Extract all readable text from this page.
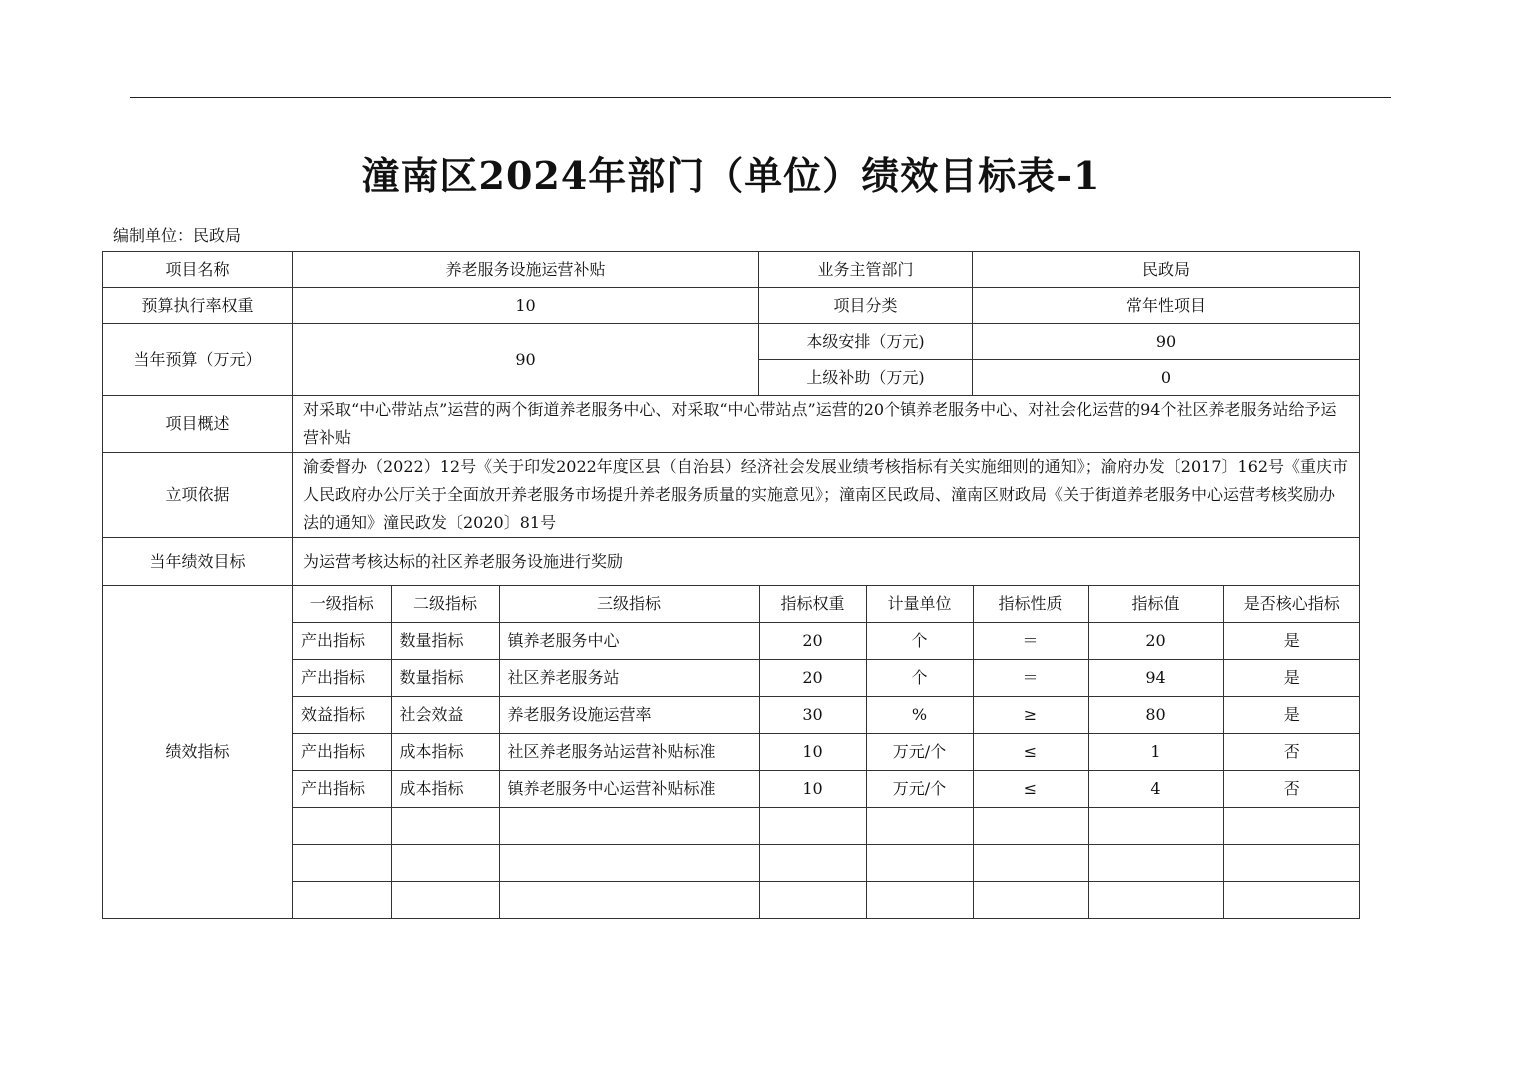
潼南区2024年部门（单位）绩效目标表-1
编制单位：民政局
项目名称	养老服务设施运营补贴	业务主管部门	民政局
预算执行率权重	10	项目分类	常年性项目
当年预算（万元）	90	本级安排（万元)	90
上级补助（万元)	0
项目概述	对采取“中心带站点”运营的两个街道养老服务中心、对采取“中心带站点”运营的20个镇养老服务中心、对社会化运营的94个社区养老服务站给予运营补贴
立项依据	渝委督办（2022）12号《关于印发2022年度区县（自治县）经济社会发展业绩考核指标有关实施细则的通知》；渝府办发〔2017〕162号《重庆市人民政府办公厅关于全面放开养老服务市场提升养老服务质量的实施意见》；潼南区民政局、潼南区财政局《关于街道养老服务中心运营考核奖励办法的通知》潼民政发〔2020〕81号
当年绩效目标	为运营考核达标的社区养老服务设施进行奖励
绩效指标	
一级指标	二级指标	三级指标	指标权重	计量单位	指标性质	指标值	是否核心指标
产出指标	数量指标	镇养老服务中心	20	个	＝	20	是
产出指标	数量指标	社区养老服务站	20	个	＝	94	是
效益指标	社会效益	养老服务设施运营率	30	%	≥	80	是
产出指标	成本指标	社区养老服务站运营补贴标准	10	万元/个	≤	1	否
产出指标	成本指标	镇养老服务中心运营补贴标准	10	万元/个	≤	4	否
